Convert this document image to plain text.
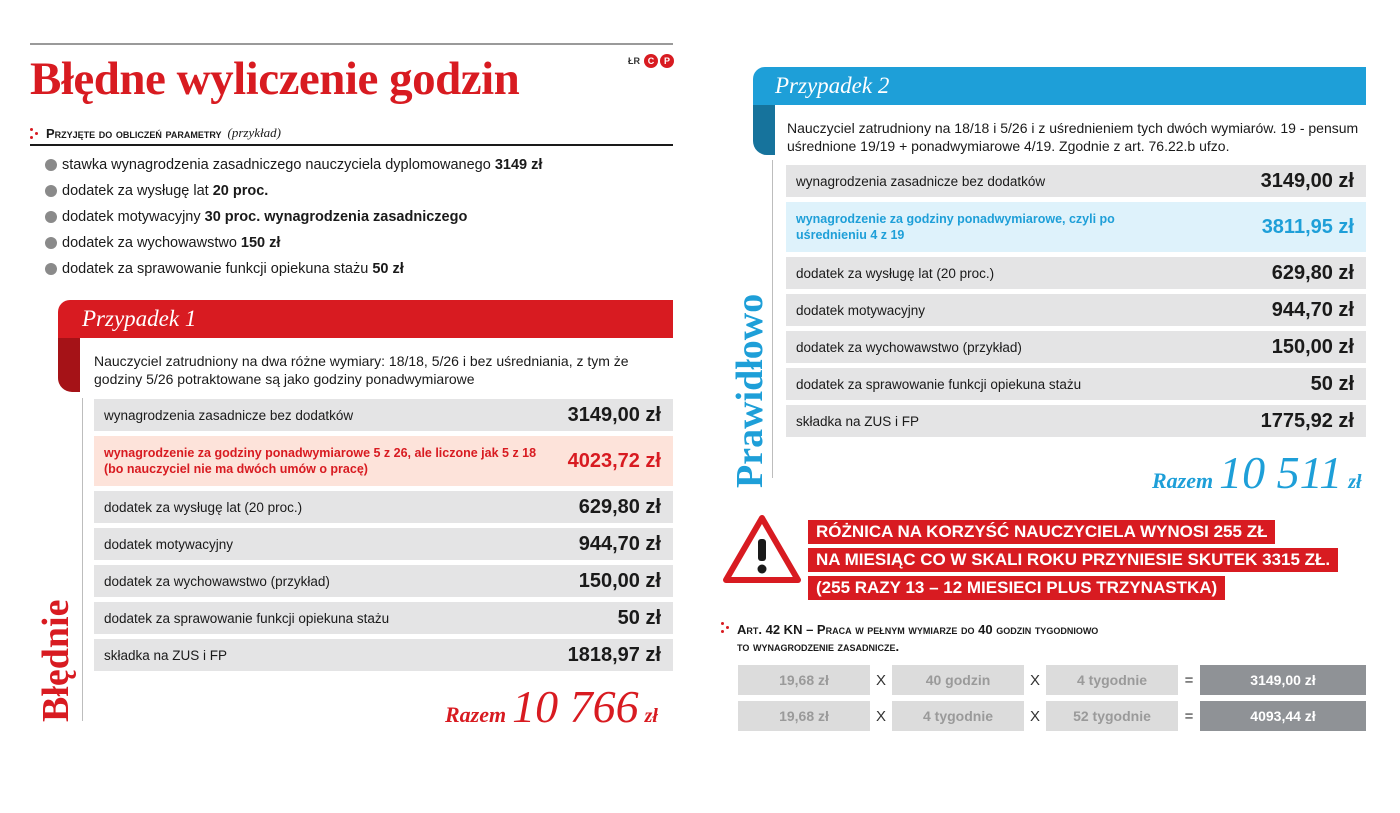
Błędne wyliczenie godzin	ŁR C	P
Przyjęte do obliczeń parametry (przykład)
stawka wynagrodzenia zasadniczego nauczyciela dyplomowanego 3149 zł
dodatek za wysługę lat 20 proc.
dodatek motywacyjny 30 proc. wynagrodzenia zasadniczego
dodatek za wychowawstwo 150 zł
dodatek za sprawowanie funkcji opiekuna stażu 50 zł
Przypadek 1

Nauczyciel zatrudniony na dwa różne wymiary: 18/18, 5/26 i bez uśredniania, z tym że godziny 5/26 potraktowane są jako godziny ponadwymiarowe

Błędnie
wynagrodzenia zasadnicze bez dodatków	3149,00 zł
wynagrodzenie za godziny ponadwymiarowe 5 z 26, ale liczone jak 5 z 18 (bo nauczyciel nie ma dwóch umów o pracę)	4023,72 zł
dodatek za wysługę lat (20 proc.)	629,80 zł
dodatek motywacyjny	944,70 zł
dodatek za wychowawstwo (przykład)	150,00 zł
dodatek za sprawowanie funkcji opiekuna stażu	50 zł
składka na ZUS i FP	1818,97 zł
Razem 10 766 zł
Przypadek 2

Nauczyciel zatrudniony na 18/18 i 5/26 i z uśrednieniem tych dwóch wymiarów. 19 - pensum uśrednione 19/19 + ponadwymiarowe 4/19. Zgodnie z art. 76.22.b ufzo.

Prawidłowo
wynagrodzenia zasadnicze bez dodatków	3149,00 zł
wynagrodzenie za godziny ponadwymiarowe, czyli po uśrednieniu 4 z 19	3811,95 zł
dodatek za wysługę lat (20 proc.)	629,80 zł
dodatek motywacyjny	944,70 zł
dodatek za wychowawstwo (przykład)	150,00 zł
dodatek za sprawowanie funkcji opiekuna stażu	50 zł
składka na ZUS i FP	1775,92 zł
Razem 10 511 zł
RÓŻNICA NA KORZYŚĆ NAUCZYCIELA WYNOSI 255 ZŁ
NA MIESIĄC CO W SKALI ROKU PRZYNIESIE SKUTEK 3315 ZŁ.
(255 RAZY 13 – 12 MIESIECI PLUS TRZYNASTKA)
Art. 42 KN – Praca w pełnym wymiarze do 40 godzin tygodniowo
to wynagrodzenie zasadnicze.
19,68 zł	X	40 godzin	X	4 tygodnie	=	3149,00 zł
19,68 zł	X	4 tygodnie	X	52 tygodnie	=	4093,44 zł
